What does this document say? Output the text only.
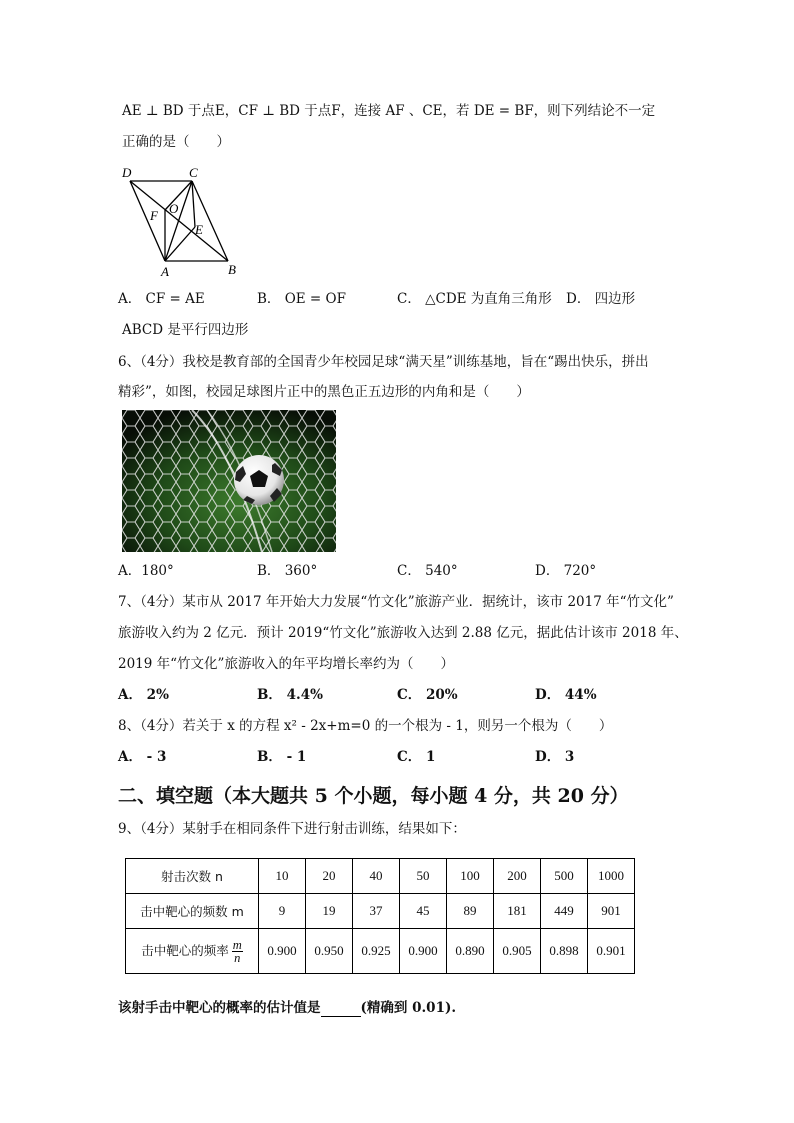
AE ⊥ BD 于点E，CF ⊥ BD 于点F，连接 AF 、CE，若 DE = BF，则下列结论不一定
正确的是（　　）
D	C
F O
E
A	B
A． CF = AE	B． OE = OF	C． △CDE 为直角三角形 D． 四边形
ABCD 是平行四边形
6、（4分）我校是教育部的全国青少年校园足球“满天星”训练基地，旨在“踢出快乐，拼出
精彩”，如图，校园足球图片正中的黑色正五边形的内角和是（　　）
A．180°	B． 360°	C． 540°	D． 720°
7、（4分）某市从 2017 年开始大力发展“竹文化”旅游产业．据统计，该市 2017 年“竹文化”
旅游收入约为 2 亿元．预计 2019“竹文化”旅游收入达到 2.88 亿元，据此估计该市 2018 年、
2019 年“竹文化”旅游收入的年平均增长率约为（　　）
A． 2%	B． 4.4%	C． 20%	D． 44%
8、（4分）若关于 x 的方程 x² - 2x+m=0 的一个根为 - 1，则另一个根为（　　）
A． - 3	B． - 1	C． 1	D． 3
二、填空题（本大题共 5 个小题，每小题 4 分，共 20 分）
9、（4分）某射手在相同条件下进行射击训练，结果如下：
射击次数 n	10	20	40	50	100	200	500	1000
击中靶心的频数 m	9	19	37	45	89	181	449	901
击中靶心的频率 $\frac{m}{n}$	0.900	0.950	0.925	0.900	0.890	0.905	0.898	0.901
该射手击中靶心的概率的估计值是	(精确到 0.01).
